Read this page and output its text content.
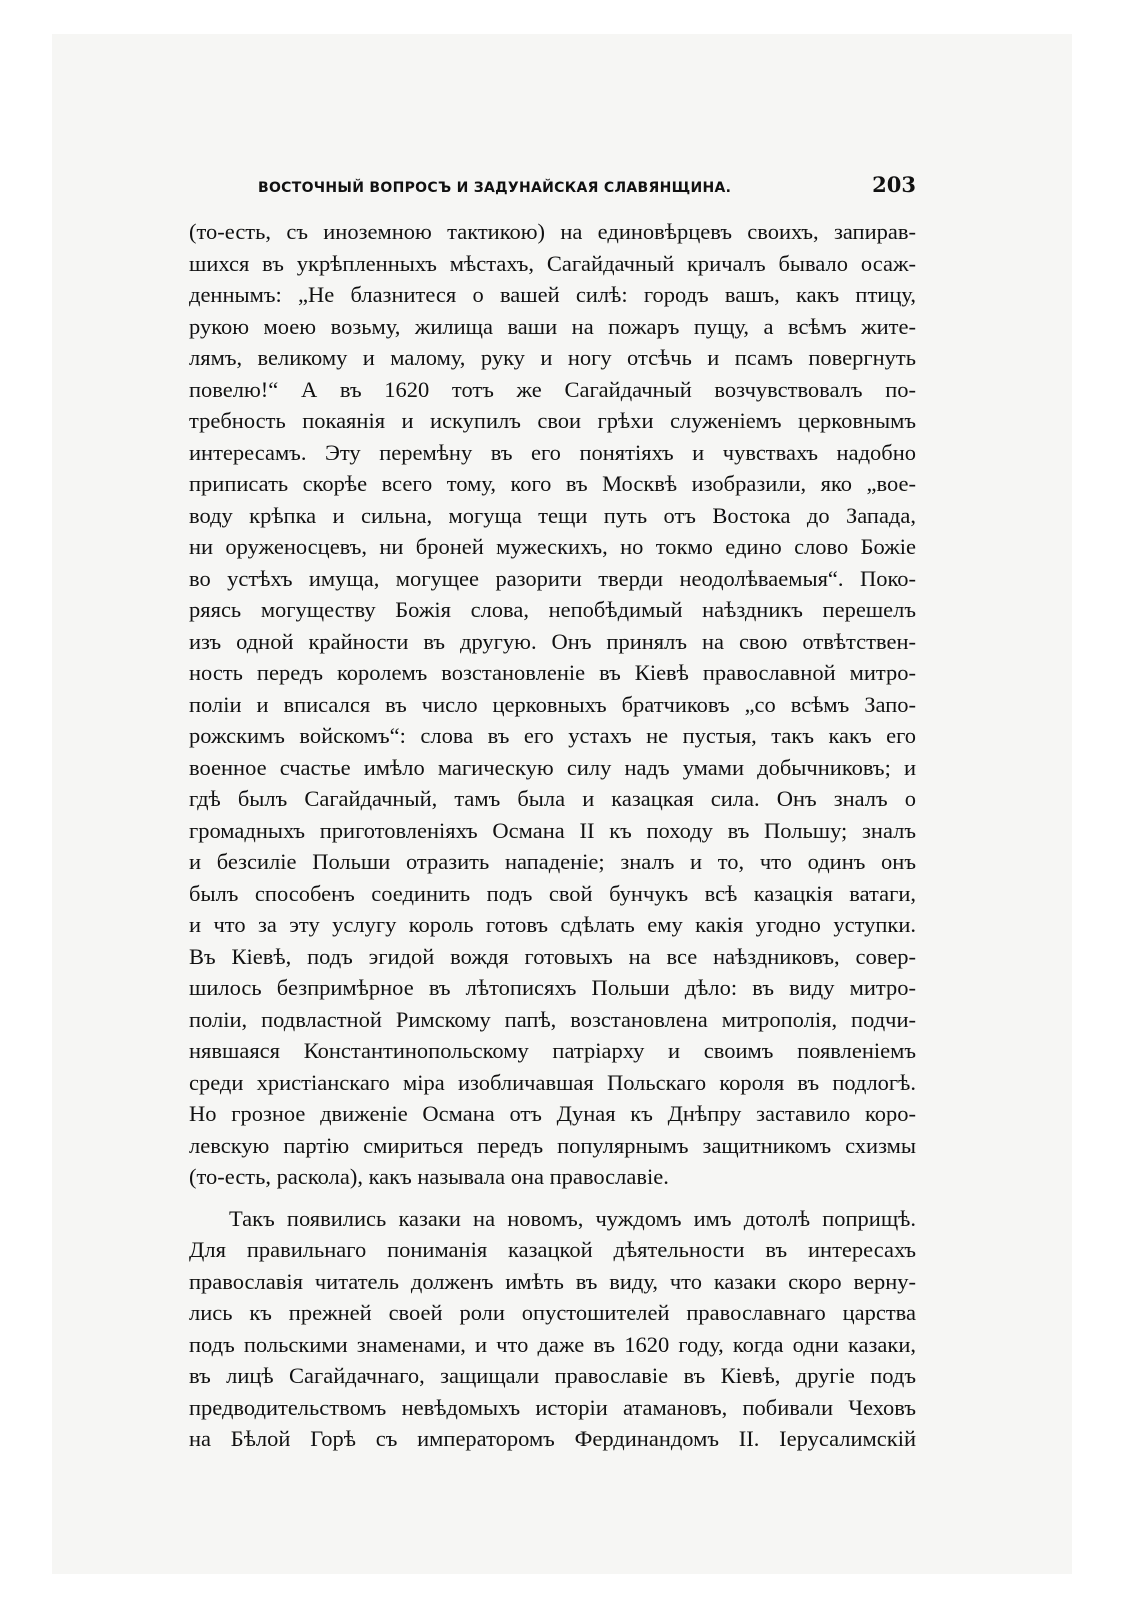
ВОСТОЧНЫЙ ВОПРОСЪ И ЗАДУНАЙСКАЯ СЛАВЯНЩИНА.	203
(то-есть, съ иноземною тактикою) на единовѣрцевъ своихъ, запирав-
шихся въ укрѣпленныхъ мѣстахъ, Сагайдачный кричалъ бывало осаж-
деннымъ: „Не блазнитеся о вашей силѣ: городъ вашъ, какъ птицу,
рукою моею возьму, жилища ваши на пожаръ пущу, а всѣмъ жите-
лямъ, великому и малому, руку и ногу отсѣчь и псамъ повергнуть
повелю!“ А въ 1620 тотъ же Сагайдачный возчувствовалъ по-
требность покаянія и искупилъ свои грѣхи служеніемъ церковнымъ
интересамъ. Эту перемѣну въ его понятіяхъ и чувствахъ надобно
приписать скорѣе всего тому, кого въ Москвѣ изобразили, яко „вое-
воду крѣпка и сильна, могуща тещи путь отъ Востока до Запада,
ни оруженосцевъ, ни броней мужескихъ, но токмо едино слово Божіе
во устѣхъ имуща, могущее разорити тверди неодолѣваемыя“. Поко-
ряясь могуществу Божія слова, непобѣдимый наѣздникъ перешелъ
изъ одной крайности въ другую. Онъ принялъ на свою отвѣтствен-
ность передъ королемъ возстановленіе въ Кіевѣ православной митро-
поліи и вписался въ число церковныхъ братчиковъ „со всѣмъ Запо-
рожскимъ войскомъ“: слова въ его устахъ не пустыя, такъ какъ его
военное счастье имѣло магическую силу надъ умами добычниковъ; и
гдѣ былъ Сагайдачный, тамъ была и казацкая сила. Онъ зналъ о
громадныхъ приготовленіяхъ Османа II къ походу въ Польшу; зналъ
и безсиліе Польши отразить нападеніе; зналъ и то, что одинъ онъ
былъ способенъ соединить подъ свой бунчукъ всѣ казацкія ватаги,
и что за эту услугу король готовъ сдѣлать ему какія угодно уступки.
Въ Кіевѣ, подъ эгидой вождя готовыхъ на все наѣздниковъ, совер-
шилось безпримѣрное въ лѣтописяхъ Польши дѣло: въ виду митро-
поліи, подвластной Римскому папѣ, возстановлена митрополія, подчи-
нявшаяся Константинопольскому патріарху и своимъ появленіемъ
среди христіанскаго міра изобличавшая Польскаго короля въ подлогѣ.
Но грозное движеніе Османа отъ Дуная къ Днѣпру заставило коро-
левскую партію смириться передъ популярнымъ защитникомъ схизмы
(то-есть, раскола), какъ называла она православіе.
Такъ появились казаки на новомъ, чуждомъ имъ дотолѣ поприщѣ.
Для правильнаго пониманія казацкой дѣятельности въ интересахъ
православія читатель долженъ имѣть въ виду, что казаки скоро верну-
лись къ прежней своей роли опустошителей православнаго царства
подъ польскими знаменами, и что даже въ 1620 году, когда одни казаки,
въ лицѣ Сагайдачнаго, защищали православіе въ Кіевѣ, другіе подъ
предводительствомъ невѣдомыхъ исторіи атамановъ, побивали Чеховъ
на Бѣлой Горѣ съ императоромъ Фердинандомъ II. Іерусалимскій
